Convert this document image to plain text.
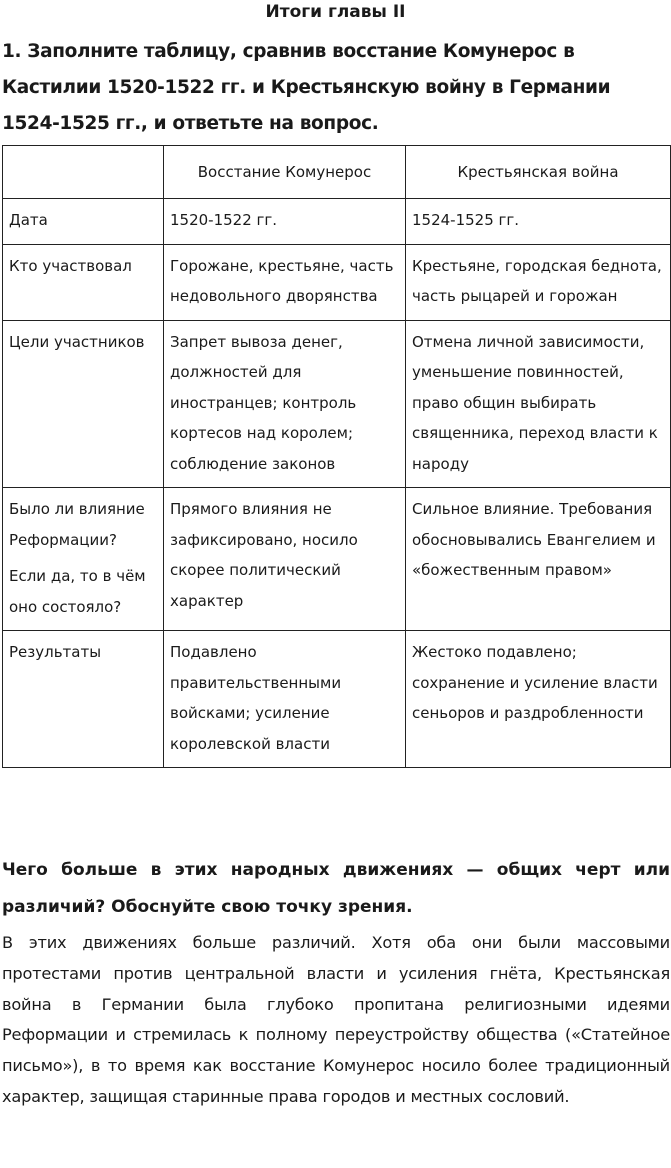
Итоги главы II
1. Заполните таблицу, сравнив восстание Комунерос в Кастилии 1520-1522 гг. и Крестьянскую войну в Германии 1524-1525 гг., и ответьте на вопрос.
	Восстание Комунерос	Крестьянская война

Дата	1520-1522 гг.	1524-1525 гг.

Кто участвовал	Горожане, крестьяне, часть недовольного дворянства	Крестьяне, городская беднота, часть рыцарей и горожан

Цели участников	Запрет вывоза денег, должностей для иностранцев; контроль кортесов над королем; соблюдение законов	Отмена личной зависимости, уменьшение повинностей, право общин выбирать священника, переход власти к народу

Было ли влияние Реформации?
Если да, то в чём оно состояло?	Прямого влияния не зафиксировано, носило скорее политический характер	Сильное влияние. Требования обосновывались Евангелием и «божественным правом»

Результаты	Подавлено правительственными войсками; усиление королевской власти	Жестоко подавлено; сохранение и усиление власти сеньоров и раздробленности
Чего больше в этих народных движениях — общих черт или различий? Обоснуйте свою точку зрения.
В этих движениях больше различий. Хотя оба они были массовыми протестами против центральной власти и усиления гнёта, Крестьянская война в Германии была глубоко пропитана религиозными идеями Реформации и стремилась к полному переустройству общества («Статейное письмо»), в то время как восстание Комунерос носило более традиционный характер, защищая старинные права городов и местных сословий.
